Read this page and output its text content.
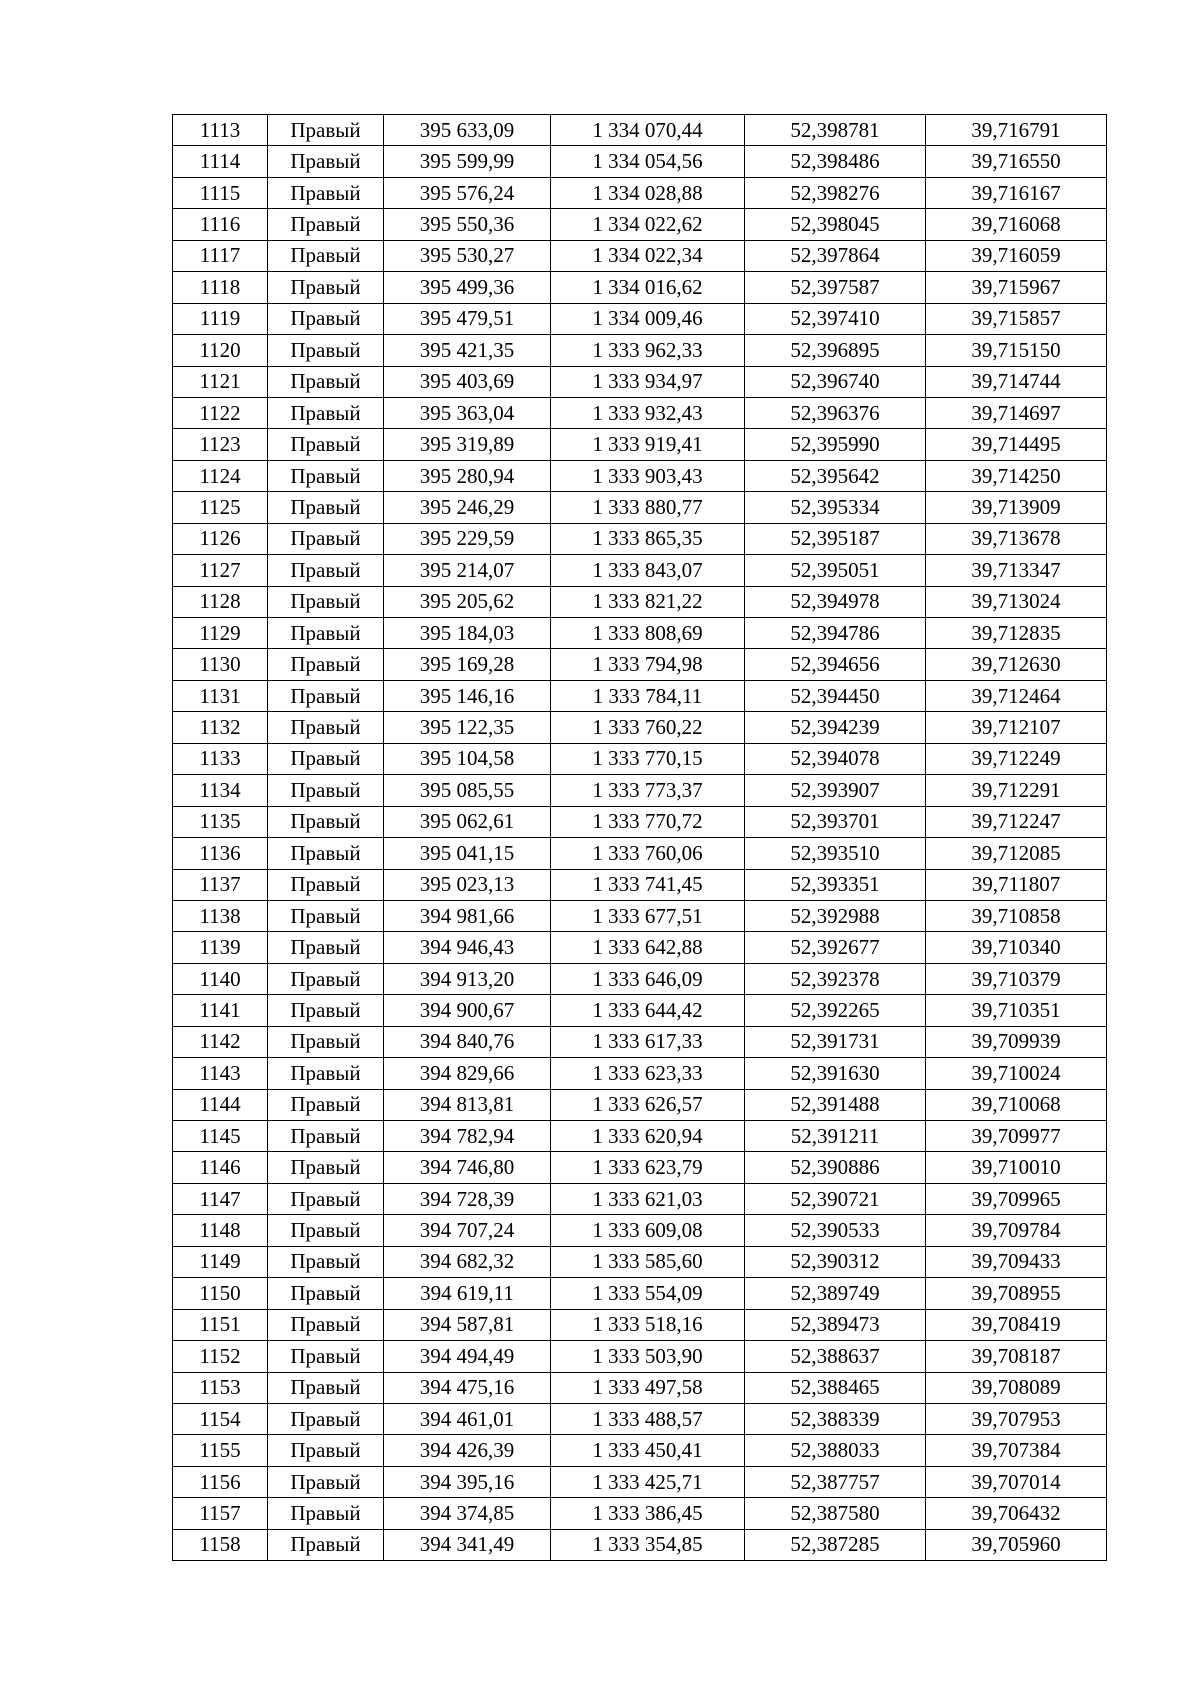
1113	Правый	395 633,09	1 334 070,44	52,398781	39,716791
1114	Правый	395 599,99	1 334 054,56	52,398486	39,716550
1115	Правый	395 576,24	1 334 028,88	52,398276	39,716167
1116	Правый	395 550,36	1 334 022,62	52,398045	39,716068
1117	Правый	395 530,27	1 334 022,34	52,397864	39,716059
1118	Правый	395 499,36	1 334 016,62	52,397587	39,715967
1119	Правый	395 479,51	1 334 009,46	52,397410	39,715857
1120	Правый	395 421,35	1 333 962,33	52,396895	39,715150
1121	Правый	395 403,69	1 333 934,97	52,396740	39,714744
1122	Правый	395 363,04	1 333 932,43	52,396376	39,714697
1123	Правый	395 319,89	1 333 919,41	52,395990	39,714495
1124	Правый	395 280,94	1 333 903,43	52,395642	39,714250
1125	Правый	395 246,29	1 333 880,77	52,395334	39,713909
1126	Правый	395 229,59	1 333 865,35	52,395187	39,713678
1127	Правый	395 214,07	1 333 843,07	52,395051	39,713347
1128	Правый	395 205,62	1 333 821,22	52,394978	39,713024
1129	Правый	395 184,03	1 333 808,69	52,394786	39,712835
1130	Правый	395 169,28	1 333 794,98	52,394656	39,712630
1131	Правый	395 146,16	1 333 784,11	52,394450	39,712464
1132	Правый	395 122,35	1 333 760,22	52,394239	39,712107
1133	Правый	395 104,58	1 333 770,15	52,394078	39,712249
1134	Правый	395 085,55	1 333 773,37	52,393907	39,712291
1135	Правый	395 062,61	1 333 770,72	52,393701	39,712247
1136	Правый	395 041,15	1 333 760,06	52,393510	39,712085
1137	Правый	395 023,13	1 333 741,45	52,393351	39,711807
1138	Правый	394 981,66	1 333 677,51	52,392988	39,710858
1139	Правый	394 946,43	1 333 642,88	52,392677	39,710340
1140	Правый	394 913,20	1 333 646,09	52,392378	39,710379
1141	Правый	394 900,67	1 333 644,42	52,392265	39,710351
1142	Правый	394 840,76	1 333 617,33	52,391731	39,709939
1143	Правый	394 829,66	1 333 623,33	52,391630	39,710024
1144	Правый	394 813,81	1 333 626,57	52,391488	39,710068
1145	Правый	394 782,94	1 333 620,94	52,391211	39,709977
1146	Правый	394 746,80	1 333 623,79	52,390886	39,710010
1147	Правый	394 728,39	1 333 621,03	52,390721	39,709965
1148	Правый	394 707,24	1 333 609,08	52,390533	39,709784
1149	Правый	394 682,32	1 333 585,60	52,390312	39,709433
1150	Правый	394 619,11	1 333 554,09	52,389749	39,708955
1151	Правый	394 587,81	1 333 518,16	52,389473	39,708419
1152	Правый	394 494,49	1 333 503,90	52,388637	39,708187
1153	Правый	394 475,16	1 333 497,58	52,388465	39,708089
1154	Правый	394 461,01	1 333 488,57	52,388339	39,707953
1155	Правый	394 426,39	1 333 450,41	52,388033	39,707384
1156	Правый	394 395,16	1 333 425,71	52,387757	39,707014
1157	Правый	394 374,85	1 333 386,45	52,387580	39,706432
1158	Правый	394 341,49	1 333 354,85	52,387285	39,705960
